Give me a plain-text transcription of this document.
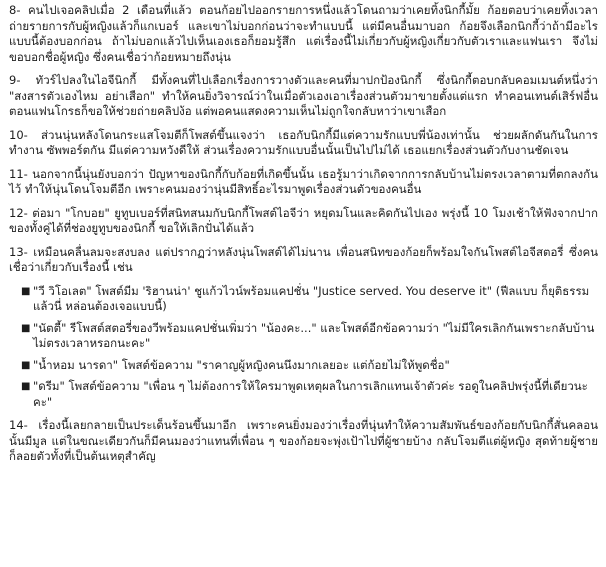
8- คนไปเจอคลิปเมื่อ 2 เดือนที่แล้ว ตอนก้อยไปออกรายการหนึ่งแล้วโดนถามว่าเคยทิ้งนิกกี้มั้ย ก้อยตอบว่าเคยทิ้งเวลาถ่ายรายการกับผู้หญิงแล้วก็แกเบอร์ และเขาไม่บอกก่อนว่าจะทำแบบนี้ แต่มีคนอื่นมาบอก ก้อยจึงเลือกนิกกี้ว่าถ้ามีอะไรแบบนี้ต้องบอกก่อน ถ้าไม่บอกแล้วไปเห็นเองเธอก็ยอมรู้สึก แต่เรื่องนี้ไม่เกี่ยวกับผู้หญิงเกี่ยวกับตัวเราและแฟนเรา จึงไม่ขอบอกชื่อผู้หญิง ซึ่งคนเชื่อว่าก้อยหมายถึงนุ่น

9- ทัวร์ไปลงในไอจีนิกกี้ มีทั้งคนที่ไปเลือกเรื่องการวางตัวและคนที่มาปกป้องนิกกี้ ซึ่งนิกกี้ตอบกลับคอมเมนต์หนึ่งว่า "สงสารตัวเองไหม อย่าเสือก" ทำให้คนยิ่งวิจารณ์ว่าในเมื่อตัวเองเอาเรื่องส่วนตัวมาขายตั้งแต่แรก ทำคอนเทนต์เสิร์ฟอื่น ตอนแฟนโกรธก็ขอให้ช่วยถ่ายคลิปง้อ แต่พอคนแสดงความเห็นไม่ถูกใจกลับหาว่าเขาเสือก

10- ส่วนนุ่นหลังโดนกระแสโจมตีก็โพสต์ขึ้นแจงว่า เธอกับนิกกี้มีแต่ความรักแบบพี่น้องเท่านั้น ช่วยผลักดันกันในการทำงาน ซัพพอร์ตกัน มีแต่ความหวังดีให้ ส่วนเรื่องความรักแบบอื่นนั้นเป็นไปไม่ได้ เธอแยกเรื่องส่วนตัวกับงานชัดเจน

11- นอกจากนี้นุ่นยังบอกว่า ปัญหาของนิกกี้กับก้อยที่เกิดขึ้นนั้น เธอรู้มาว่าเกิดจากการกลับบ้านไม่ตรงเวลาตามที่ตกลงกันไว้ ทำให้นุ่นโดนโจมตีอีก เพราะคนมองว่านุ่นมีสิทธิ์อะไรมาพูดเรื่องส่วนตัวของคนอื่น

12- ต่อมา "โกบอย" ยูทูบเบอร์ที่สนิทสนมกับนิกกี้โพสต์ไอจีว่า หยุดมโนและคิดกันไปเอง พรุ่งนี้ 10 โมงเช้าให้ฟังจากปากของทั้งคู่ได้ที่ช่องยูทูบของนิกกี้ ขอให้เลิกปั่นได้แล้ว

13- เหมือนคลื่นลมจะสงบลง แต่ปรากฏว่าหลังนุ่นโพสต์ได้ไม่นาน เพื่อนสนิทของก้อยก็พร้อมใจกันโพสต์ไอจีสตอรี่ ซึ่งคนเชื่อว่าเกี่ยวกับเรื่องนี้ เช่น

■ "วี วิโอเลต" โพสต์มีม 'ริฮานน่า' ชูแก้วไวน์พร้อมแคปชั่น "Justice served. You deserve it" (ฟีลแบบ ก็ยุติธรรมแล้วนี่ หล่อนต้องเจอแบบนี้)
■ "นัตตี้" รีโพสต์สตอรี่ของวีพร้อมแคปชั่นเพิ่มว่า "น้องคะ..." และโพสต์อีกข้อความว่า "ไม่มีใครเลิกกันเพราะกลับบ้านไม่ตรงเวลาหรอกนะคะ"
■ "น้ำหอม นารดา" โพสต์ข้อความ "ราคาญผู้หญิงคนนึงมากเลยอะ แต่ก้อยไม่ให้พูดชื่อ"
■ "ดรีม" โพสต์ข้อความ "เพื่อน ๆ ไม่ต้องการให้ใครมาพูดเหตุผลในการเลิกแทนเจ้าตัวค่ะ รอดูในคลิปพรุ่งนี้ที่เดียวนะคะ"

14- เรื่องนี้เลยกลายเป็นประเด็นร้อนขึ้นมาอีก เพราะคนยิ่งมองว่าเรื่องที่นุ่นทำให้ความสัมพันธ์ของก้อยกับนิกกี้สั่นคลอนนั้นมีมูล แต่ในขณะเดียวกันก็มีคนมองว่าแทนที่เพื่อน ๆ ของก้อยจะพุ่งเป้าไปที่ผู้ชายบ้าง กลับโจมตีแต่ผู้หญิง สุดท้ายผู้ชายก็ลอยตัวทั้งที่เป็นต้นเหตุสำคัญ
